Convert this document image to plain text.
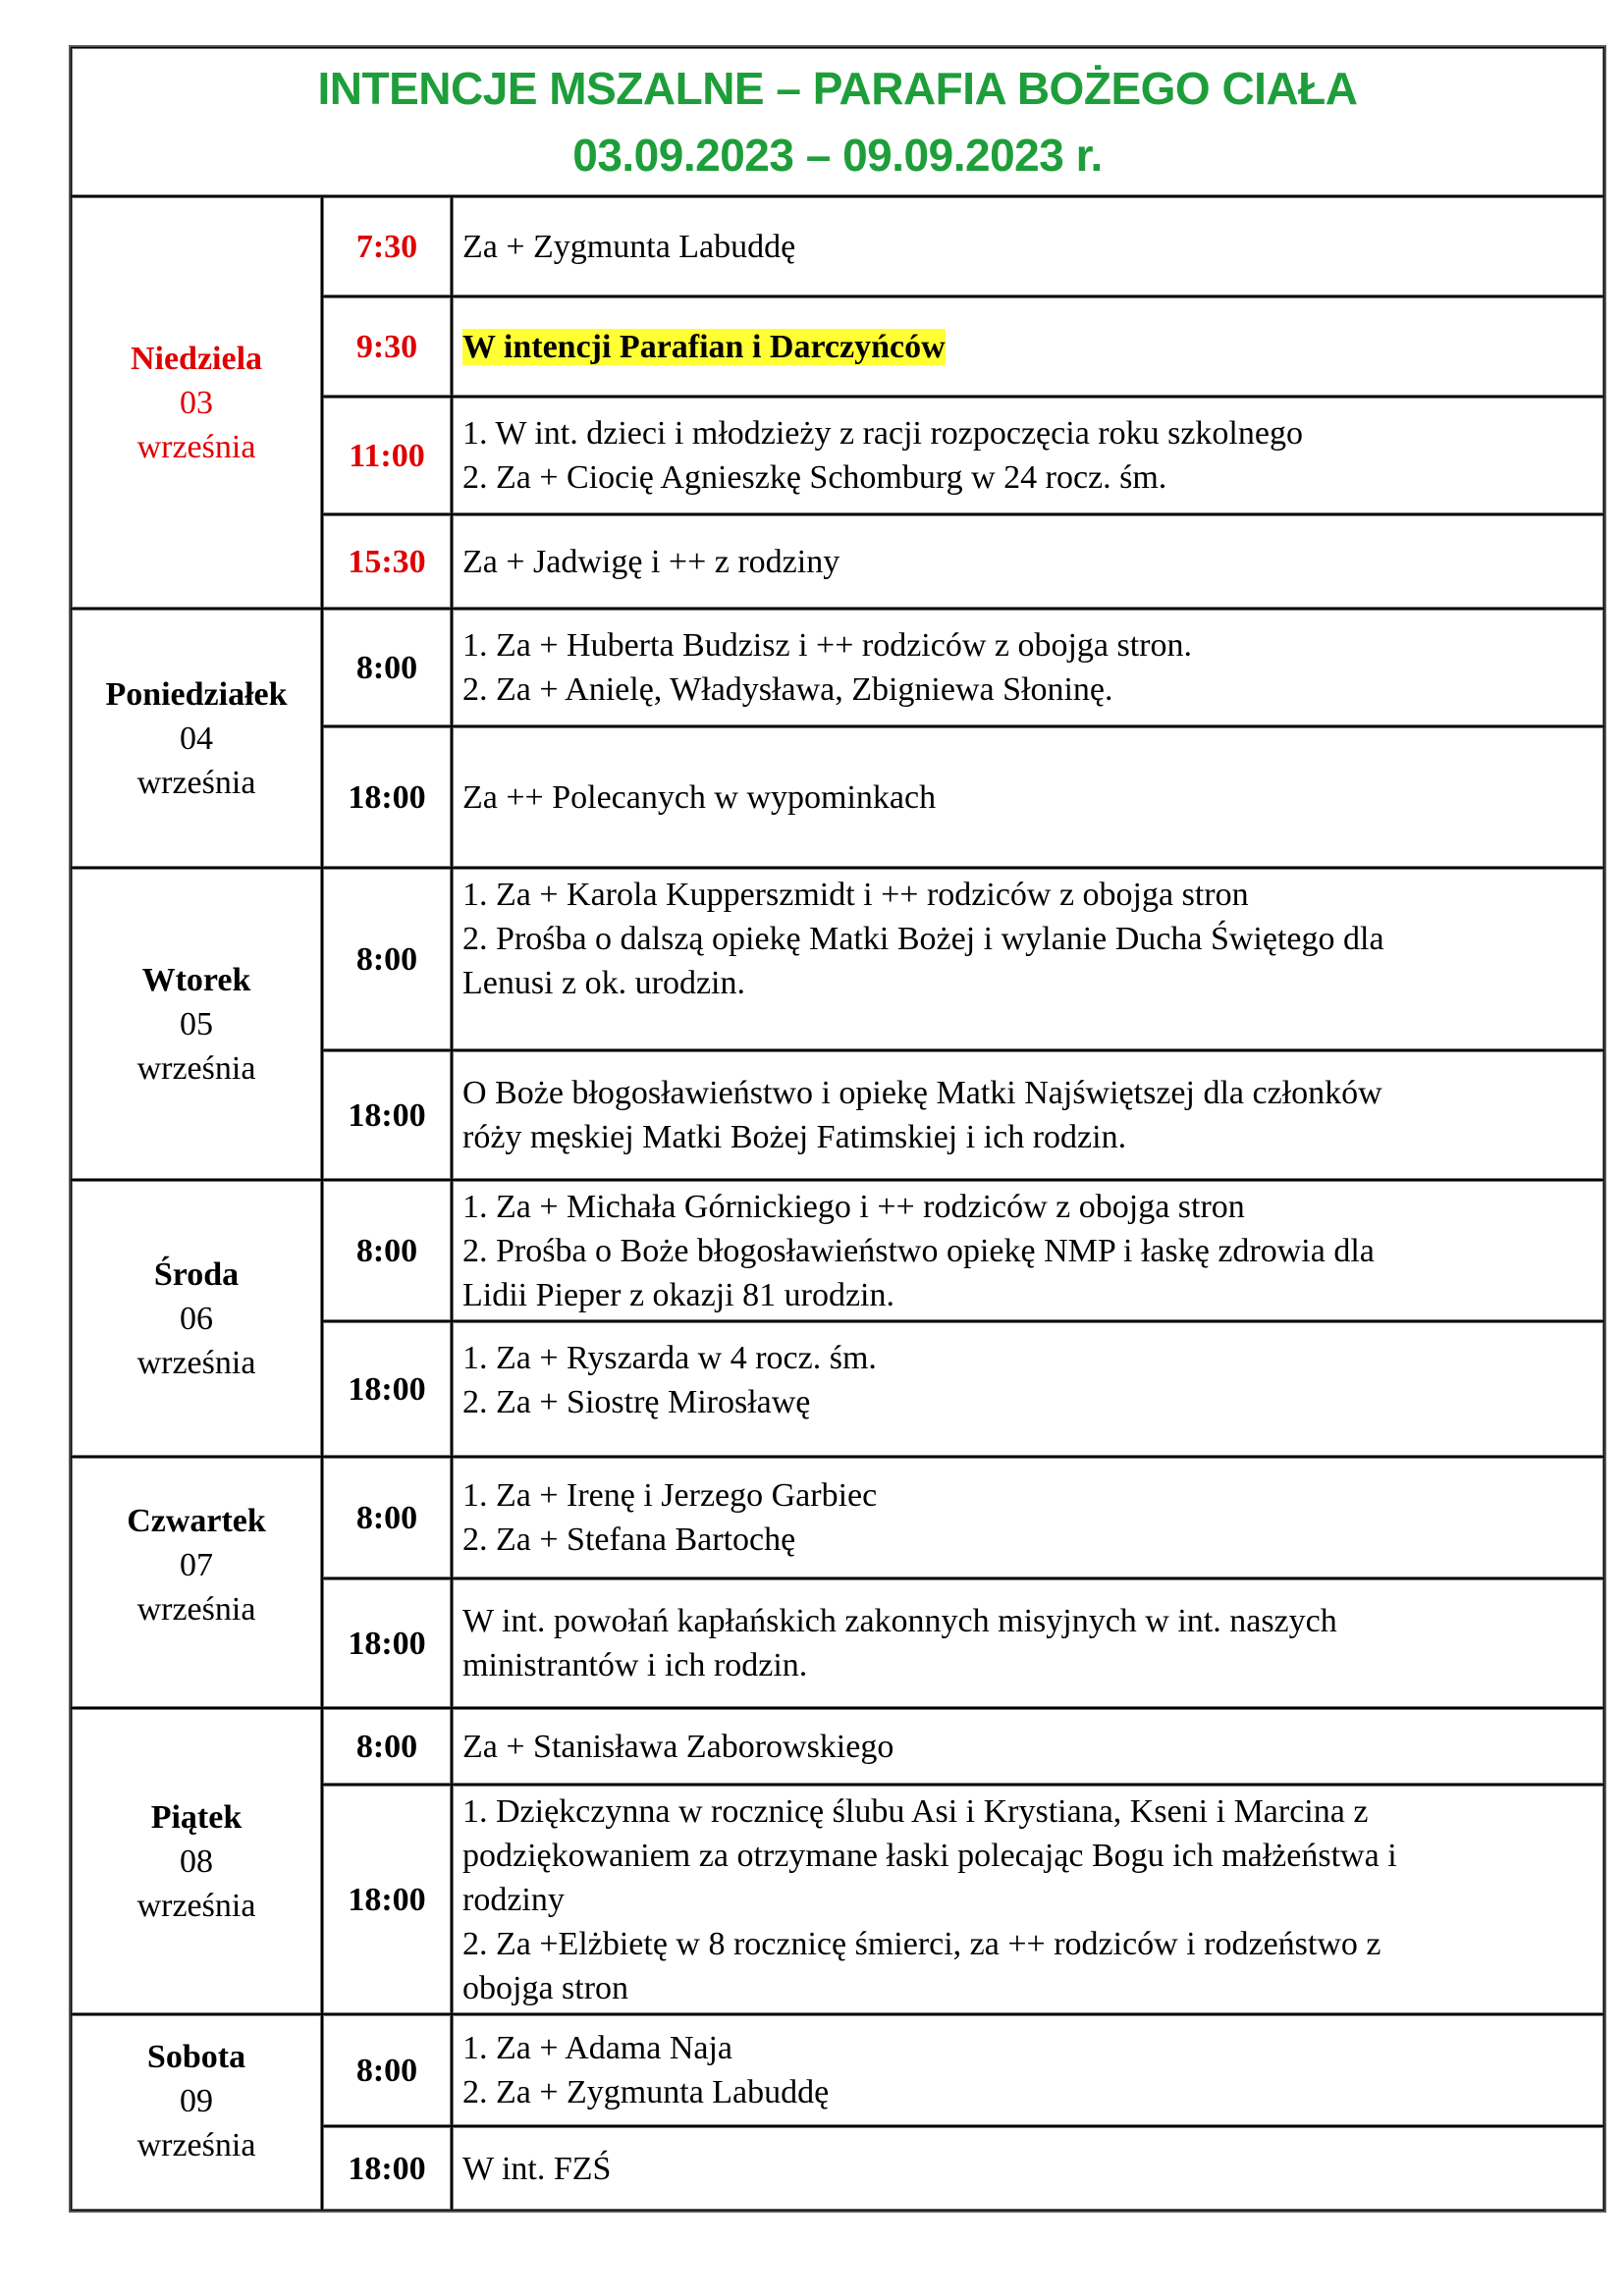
INTENCJE MSZALNE – PARAFIA BOŻEGO CIAŁA
03.09.2023 – 09.09.2023 r.		

Niedziela
03
września	7:30	Za + Zygmunta Labuddę

	9:30	W intencji Parafian i Darczyńców
	11:00	1. W int. dzieci i młodzieży z racji rozpoczęcia roku szkolnego
2. Za + Ciocię Agnieszkę Schomburg w 24 rocz. śm.

	15:30	Za + Jadwigę i ++ z rodziny

Poniedziałek
04
września	8:00	1. Za + Huberta Budzisz i ++ rodziców z obojga stron.
2. Za + Anielę, Władysława, Zbigniewa Słoninę.

	18:00	Za ++ Polecanych w wypominkach

Wtorek
05
września	8:00	1. Za + Karola Kupperszmidt i ++ rodziców z obojga stron
2. Prośba o dalszą opiekę Matki Bożej i wylanie Ducha Świętego dla
Lenusi z ok. urodzin.

	18:00	O Boże błogosławieństwo i opiekę Matki Najświętszej dla członków
róży męskiej Matki Bożej Fatimskiej i ich rodzin.

Środa
06
września	8:00	1. Za + Michała Górnickiego i ++ rodziców z obojga stron
2. Prośba o Boże błogosławieństwo opiekę NMP i łaskę zdrowia dla
Lidii Pieper z okazji 81 urodzin.

	18:00	1. Za + Ryszarda w 4 rocz. śm.
2. Za + Siostrę Mirosławę

Czwartek
07
września	8:00	1. Za + Irenę i Jerzego Garbiec
2. Za + Stefana Bartochę

	18:00	W int. powołań kapłańskich zakonnych misyjnych w int. naszych
ministrantów i ich rodzin.

Piątek
08
września	8:00	Za + Stanisława Zaborowskiego

	18:00	1. Dziękczynna w rocznicę ślubu Asi i Krystiana, Kseni i Marcina z
podziękowaniem za otrzymane łaski polecając Bogu ich małżeństwa i
rodziny
2. Za +Elżbietę w 8 rocznicę śmierci, za ++ rodziców i rodzeństwo z
obojga stron

Sobota
09
września	8:00	1. Za + Adama Naja
2. Za + Zygmunta Labuddę

	18:00	W int. FZŚ
